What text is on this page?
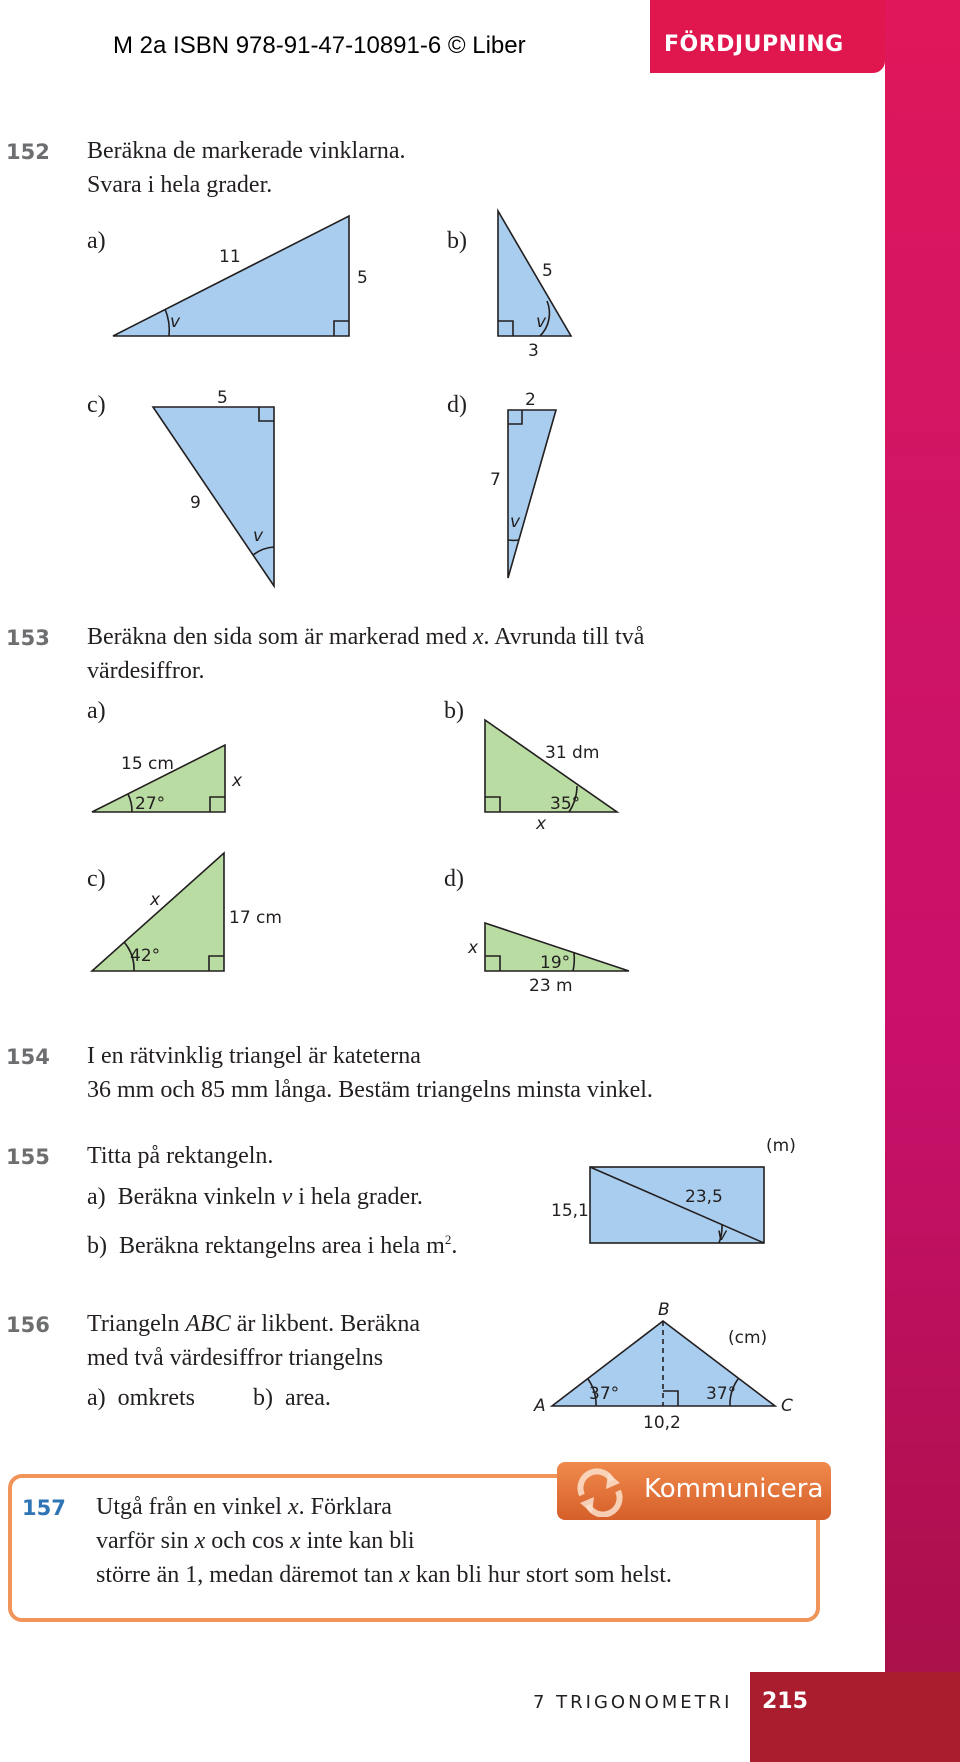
M 2a ISBN 978-91-47-10891-6 © Liber	FÖRDJUPNING
152 Beräkna de markerade vinklarna.
Svara i hela grader.
a)	b)
c)	d)
153 Beräkna den sida som är markerad med x. Avrunda till två
värdesiffror.
a)	b)
c)	d)
154 I en rätvinklig triangel är kateterna
36 mm och 85 mm långa. Bestäm triangelns minsta vinkel.
155 Titta på rektangeln.
a) Beräkna vinkeln v i hela grader.
b) Beräkna rektangelns area i hela $m^2$.
156 Triangeln ABC är likbent. Beräkna
med två värdesiffror triangelns
a) omkrets b) area.
Kommunicera
157 Utgå från en vinkel x. Förklara
varför sin x och cos x inte kan bli
större än 1, medan däremot tan x kan bli hur stort som helst.
7 TRIGONOMETRI 215
11
5
v
5
3
v
5
9
v
2
7
v
15 cm
x
27°
31 dm
35°
x
x
17 cm
42°	x
19°
23 m
(m)
15,1
23,5
v
B
(cm)
A	C
37°	37°
10,2
